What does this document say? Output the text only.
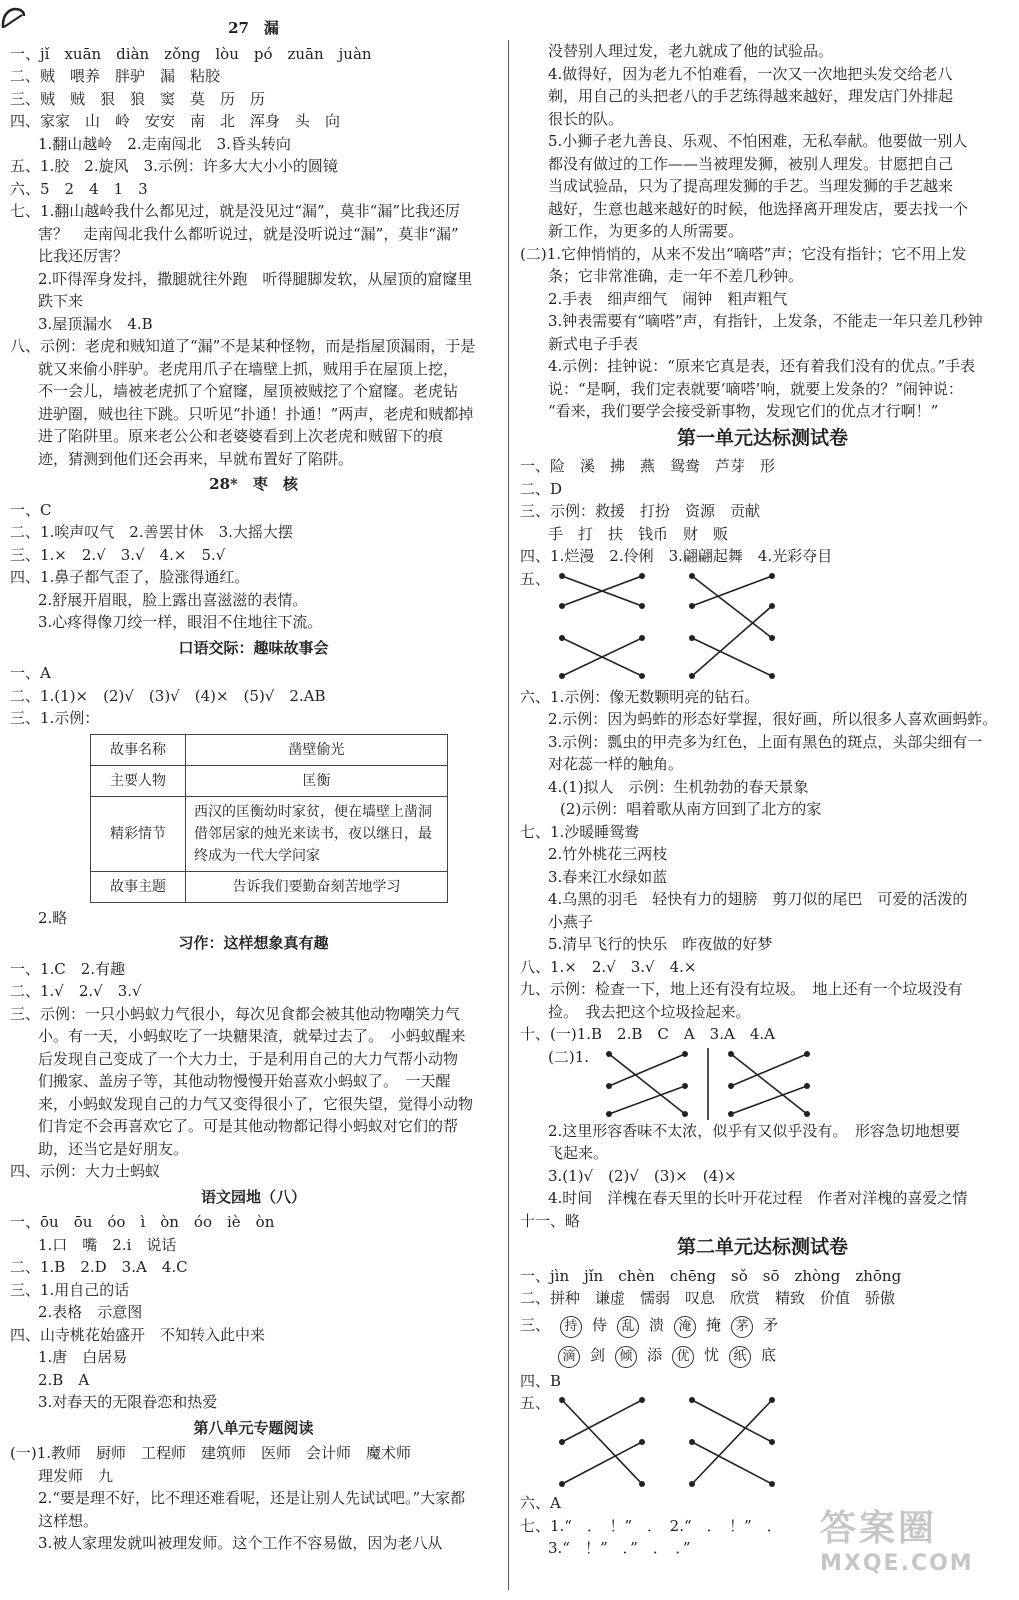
27　漏
一、jǐ　xuān　diàn　zǒng　lòu　pó　zuān　juàn
二、贼　喂养　胖驴　漏　粘胶
三、贼　贼　狠　狼　窦　莫　历　历
四、家家　山　岭　安安　南　北　浑身　头　向
1.翻山越岭　2.走南闯北　3.昏头转向
五、1.胶　2.旋风　3.示例：许多大大小小的圆镜
六、5　2　4　1　3
七、1.翻山越岭我什么都见过，就是没见过“漏”，莫非“漏”比我还厉
害？　走南闯北我什么都听说过，就是没听说过“漏”，莫非“漏”
比我还厉害？
2.吓得浑身发抖，撒腿就往外跑　听得腿脚发软，从屋顶的窟窿里
跌下来
3.屋顶漏水　4.B
八、示例：老虎和贼知道了“漏”不是某种怪物，而是指屋顶漏雨，于是
就又来偷小胖驴。老虎用爪子在墙壁上抓，贼用手在屋顶上挖，
不一会儿，墙被老虎抓了个窟窿，屋顶被贼挖了个窟窿。老虎钻
进驴圈，贼也往下跳。只听见“扑通！扑通！”两声，老虎和贼都掉
进了陷阱里。原来老公公和老婆婆看到上次老虎和贼留下的痕
迹，猜测到他们还会再来，早就布置好了陷阱。
28*　枣　核
一、C
二、1.唉声叹气　2.善罢甘休　3.大摇大摆
三、1.×　2.√　3.√　4.×　5.√
四、1.鼻子都气歪了，脸涨得通红。
2.舒展开眉眼，脸上露出喜滋滋的表情。
3.心疼得像刀绞一样，眼泪不住地往下流。
口语交际：趣味故事会
一、A
二、1.(1)×　(2)√　(3)√　(4)×　(5)√　2.AB
三、1.示例：
故事名称	凿壁偷光
主要人物	匡衡
精彩情节	西汉的匡衡幼时家贫，便在墙壁上凿洞借邻居家的烛光来读书，夜以继日，最终成为一代大学问家
故事主题	告诉我们要勤奋刻苦地学习
2.略
习作：这样想象真有趣
一、1.C　2.有趣
二、1.√　2.√　3.√
三、示例：一只小蚂蚁力气很小，每次见食都会被其他动物嘲笑力气
小。有一天，小蚂蚁吃了一块糖果渣，就晕过去了。　小蚂蚁醒来
后发现自己变成了一个大力士，于是利用自己的大力气帮小动物
们搬家、盖房子等，其他动物慢慢开始喜欢小蚂蚁了。　一天醒
来，小蚂蚁发现自己的力气又变得很小了，它很失望，觉得小动物
们肯定不会再喜欢它了。可是其他动物都记得小蚂蚁对它们的帮
助，还当它是好朋友。
四、示例：大力士蚂蚁
语文园地（八）
一、ōu　ōu　óo　ì　òn　óo　iè　òn
1.口　嘴　2.i　说话
二、1.B　2.D　3.A　4.C
三、1.用自己的话
2.表格　示意图
四、山寺桃花始盛开　不知转入此中来
1.唐　白居易
2.B　A
3.对春天的无限眷恋和热爱
第八单元专题阅读
(一)1.教师　厨师　工程师　建筑师　医师　会计师　魔术师
理发师　九
2.“要是理不好，比不理还难看呢，还是让别人先试试吧。”大家都
这样想。
3.被人家理发就叫被理发师。这个工作不容易做，因为老八从
没替别人理过发，老九就成了他的试验品。
4.做得好，因为老九不怕难看，一次又一次地把头发交给老八
剃，用自己的头把老八的手艺练得越来越好，理发店门外排起
很长的队。
5.小狮子老九善良、乐观、不怕困难，无私奉献。他要做一别人
都没有做过的工作——当被理发狮，被别人理发。甘愿把自己
当成试验品，只为了提高理发狮的手艺。当理发狮的手艺越来
越好，生意也越来越好的时候，他选择离开理发店，要去找一个
新工作，为更多的人所需要。
(二)1.它伸悄悄的，从来不发出“嘀嗒”声；它没有指针；它不用上发
条；它非常准确，走一年不差几秒钟。
2.手表　细声细气　闹钟　粗声粗气
3.钟表需要有“嘀嗒”声，有指针，上发条，不能走一年只差几秒钟
新式电子手表
4.示例：挂钟说：“原来它真是表，还有着我们没有的优点。”手表
说：“是啊，我们定表就要‘嘀嗒’响，就要上发条的？”闹钟说：
“看来，我们要学会接受新事物，发现它们的优点才行啊！”
第一单元达标测试卷
一、险　溪　拂　燕　鸳鸯　芦芽　形
二、D
三、示例：救援　打扮　资源　贡献
手　打　扶　钱币　财　贩
四、1.烂漫　2.伶俐　3.翩翩起舞　4.光彩夺目
五、
六、1.示例：像无数颗明亮的钻石。
2.示例：因为蚂蚱的形态好掌握，很好画，所以很多人喜欢画蚂蚱。
3.示例：瓢虫的甲壳多为红色，上面有黑色的斑点，头部尖细有一
对花蕊一样的触角。
4.(1)拟人　示例：生机勃勃的春天景象
(2)示例：唱着歌从南方回到了北方的家
七、1.沙暖睡鸳鸯
2.竹外桃花三两枝
3.春来江水绿如蓝
4.乌黑的羽毛　轻快有力的翅膀　剪刀似的尾巴　可爱的活泼的
小燕子
5.清早飞行的快乐　昨夜做的好梦
八、1.×　2.√　3.√　4.×
九、示例：检查一下，地上还有没有垃圾。　地上还有一个垃圾没有
捡。　我去把这个垃圾捡起来。
十、(一)1.B　2.B　C　A　3.A　4.A
(二)1.
2.这里形容香味不太浓，似乎有又似乎没有。　形容急切地想要
飞起来。
3.(1)√　(2)√　(3)×　(4)×
4.时间　洋槐在春天里的长叶开花过程　作者对洋槐的喜爱之情
十一、略
第二单元达标测试卷
一、jìn　jǐn　chèn　chēng　sǒ　sō　zhòng　zhōng
二、拼种　谦虚　懦弱　叹息　欣赏　精致　价值　骄傲
三、 持 侍 乱 溃 淹 掩 茅 矛
滴 剑 倾 添 优 忧 纸 底
四、B
五、
六、A
七、1.“　．　！”　．　2.“　．　！”　．
3.“　！”　．”　．　．”	答案圈
MXQE.COM
